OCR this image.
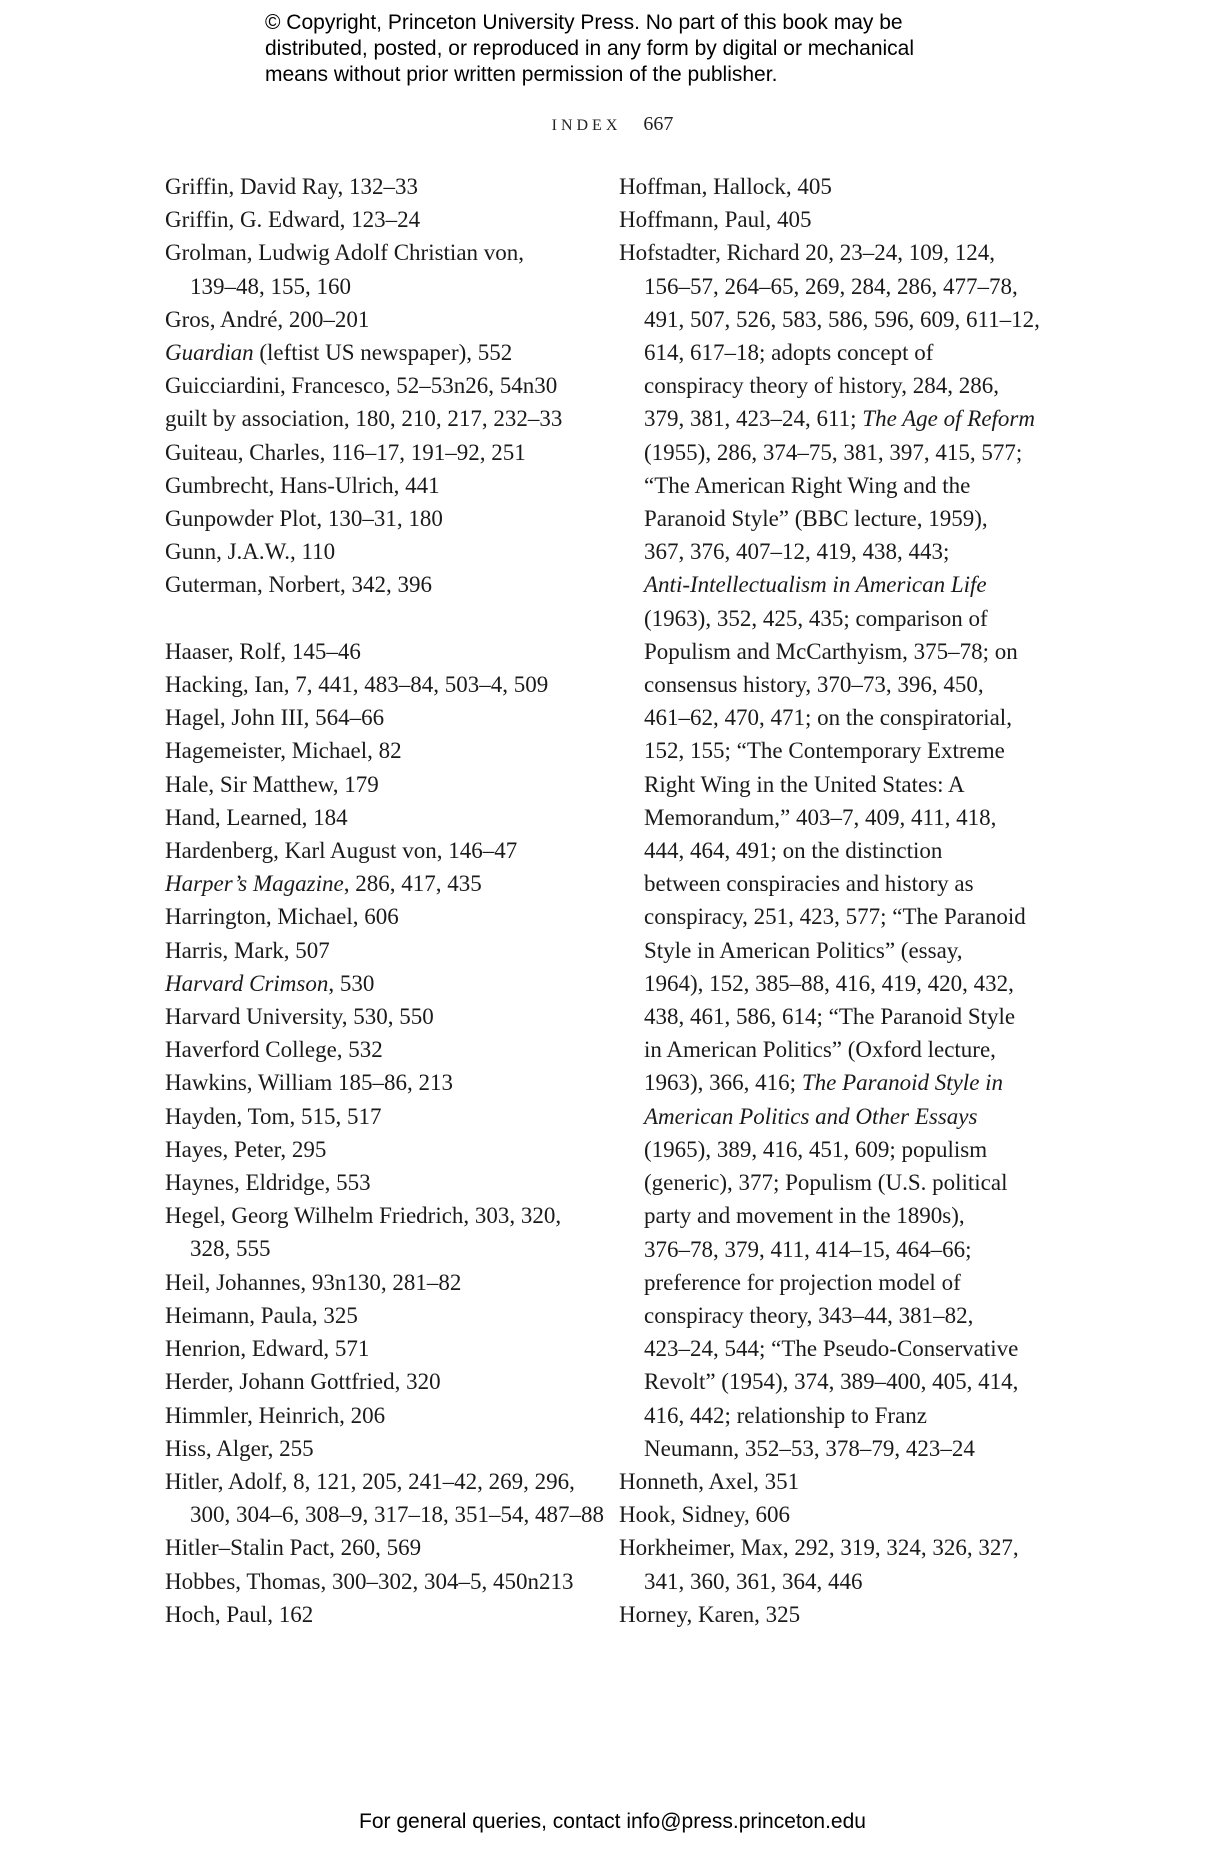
© Copyright, Princeton University Press. No part of this book may be
distributed, posted, or reproduced in any form by digital or mechanical
means without prior written permission of the publisher.
INDEX 667
Griffin, David Ray, 132–33
Griffin, G. Edward, 123–24
Grolman, Ludwig Adolf Christian von,
139–48, 155, 160
Gros, André, 200–201
Guardian (leftist US newspaper), 552
Guicciardini, Francesco, 52–53n26, 54n30
guilt by association, 180, 210, 217, 232–33
Guiteau, Charles, 116–17, 191–92, 251
Gumbrecht, Hans-Ulrich, 441
Gunpowder Plot, 130–31, 180
Gunn, J.A.W., 110
Guterman, Norbert, 342, 396
Haaser, Rolf, 145–46
Hacking, Ian, 7, 441, 483–84, 503–4, 509
Hagel, John III, 564–66
Hagemeister, Michael, 82
Hale, Sir Matthew, 179
Hand, Learned, 184
Hardenberg, Karl August von, 146–47
Harper’s Magazine, 286, 417, 435
Harrington, Michael, 606
Harris, Mark, 507
Harvard Crimson, 530
Harvard University, 530, 550
Haverford College, 532
Hawkins, William 185–86, 213
Hayden, Tom, 515, 517
Hayes, Peter, 295
Haynes, Eldridge, 553
Hegel, Georg Wilhelm Friedrich, 303, 320,
328, 555
Heil, Johannes, 93n130, 281–82
Heimann, Paula, 325
Henrion, Edward, 571
Herder, Johann Gottfried, 320
Himmler, Heinrich, 206
Hiss, Alger, 255
Hitler, Adolf, 8, 121, 205, 241–42, 269, 296,
300, 304–6, 308–9, 317–18, 351–54, 487–88
Hitler–Stalin Pact, 260, 569
Hobbes, Thomas, 300–302, 304–5, 450n213
Hoch, Paul, 162
Hoffman, Hallock, 405
Hoffmann, Paul, 405
Hofstadter, Richard 20, 23–24, 109, 124,
156–57, 264–65, 269, 284, 286, 477–78,
491, 507, 526, 583, 586, 596, 609, 611–12,
614, 617–18; adopts concept of
conspiracy theory of history, 284, 286,
379, 381, 423–24, 611; The Age of Reform
(1955), 286, 374–75, 381, 397, 415, 577;
“The American Right Wing and the
Paranoid Style” (BBC lecture, 1959),
367, 376, 407–12, 419, 438, 443;
Anti-Intellectualism in American Life
(1963), 352, 425, 435; comparison of
Populism and McCarthyism, 375–78; on
consensus history, 370–73, 396, 450,
461–62, 470, 471; on the conspiratorial,
152, 155; “The Contemporary Extreme
Right Wing in the United States: A
Memorandum,” 403–7, 409, 411, 418,
444, 464, 491; on the distinction
between conspiracies and history as
conspiracy, 251, 423, 577; “The Paranoid
Style in American Politics” (essay,
1964), 152, 385–88, 416, 419, 420, 432,
438, 461, 586, 614; “The Paranoid Style
in American Politics” (Oxford lecture,
1963), 366, 416; The Paranoid Style in
American Politics and Other Essays
(1965), 389, 416, 451, 609; populism
(generic), 377; Populism (U.S. political
party and movement in the 1890s),
376–78, 379, 411, 414–15, 464–66;
preference for projection model of
conspiracy theory, 343–44, 381–82,
423–24, 544; “The Pseudo-Conservative
Revolt” (1954), 374, 389–400, 405, 414,
416, 442; relationship to Franz
Neumann, 352–53, 378–79, 423–24
Honneth, Axel, 351
Hook, Sidney, 606
Horkheimer, Max, 292, 319, 324, 326, 327,
341, 360, 361, 364, 446
Horney, Karen, 325
For general queries, contact info@press.princeton.edu
